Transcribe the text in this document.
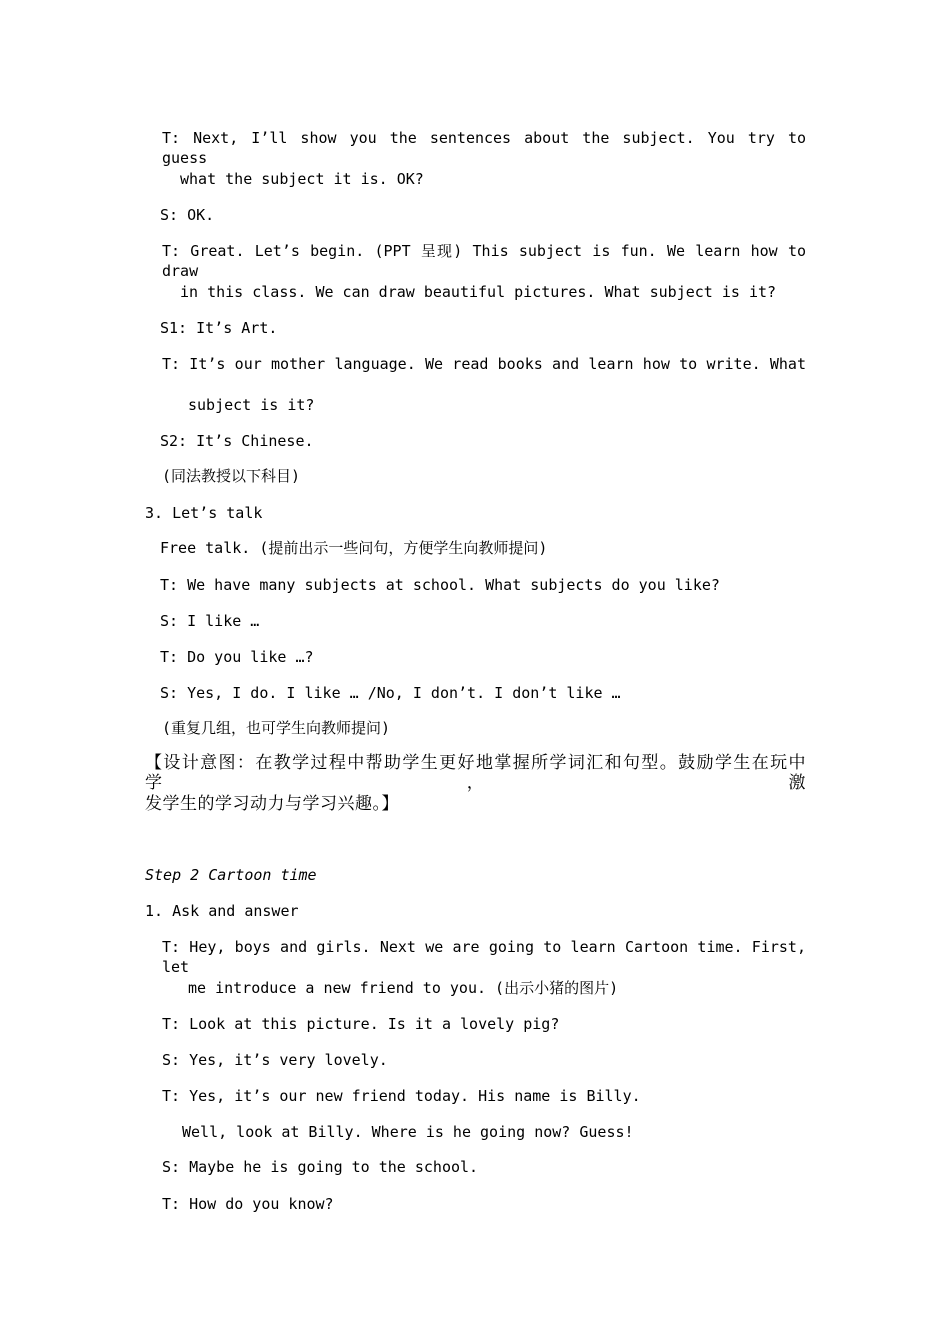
T: Next, I’ll show you the sentences about the subject. You try to guess

what the subject it is. OK?

S: OK.

T: Great. Let’s begin. (PPT 呈现) This subject is fun. We learn how to draw

in this class. We can draw beautiful pictures. What subject is it?

S1: It’s Art.

T: It’s our mother language. We read books and learn how to write. What

subject is it?

S2: It’s Chinese.

(同法教授以下科目)

3. Let’s talk

Free talk. (提前出示一些问句，方便学生向教师提问)

T: We have many subjects at school. What subjects do you like?

S: I like …

T: Do you like …?

S: Yes, I do. I like … /No, I don’t. I don’t like …

(重复几组，也可学生向教师提问)

【设计意图：在教学过程中帮助学生更好地掌握所学词汇和句型。鼓励学生在玩中学，激

发学生的学习动力与学习兴趣。】

Step 2 Cartoon time

1. Ask and answer

T: Hey, boys and girls. Next we are going to learn Cartoon time. First, let

me introduce a new friend to you. (出示小猪的图片)

T: Look at this picture. Is it a lovely pig?

S: Yes, it’s very lovely.

T: Yes, it’s our new friend today. His name is Billy.

Well, look at Billy. Where is he going now? Guess!

S: Maybe he is going to the school.

T: How do you know?
